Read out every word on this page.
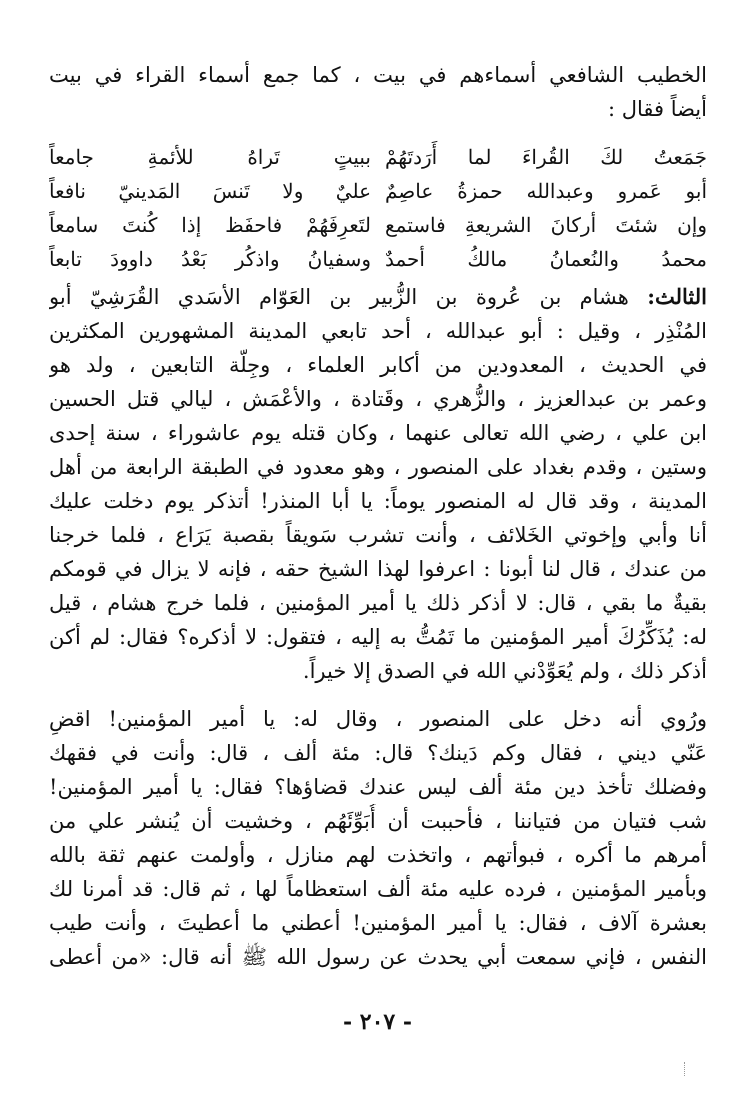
الخطيب الشافعي أسماءهم في بيت ، كما جمع أسماء القراء في بيت
أيضاً فقال :
جَمَعتُ لكَ القُراءَ لما أَرَدتَهُمْ
ببيتٍ تَراهُ للأئمةِ جامعاً
أبو عَمرو وعبدالله حمزةُ عاصِمٌ
عليٌ ولا تَنسَ المَدينيّ نافعاً
وإن شئتَ أركانَ الشريعةِ فاستمع
لتَعرِفَهُمْ فاحفَظ إذا كُنتَ سامعاً
محمدُ والنُعمانُ مالكُ أحمدٌ
وسفيانُ واذكُر بَعْدُ داوودَ تابعاً
الثالث: هشام بن عُروة بن الزُّبير بن العَوّام الأسَدي القُرَشِيّ أبو
المُنْذِر ، وقيل : أبو عبدالله ، أحد تابعي المدينة المشهورين المكثرين
في الحديث ، المعدودين من أكابر العلماء ، وجِلّة التابعين ، ولد هو
وعمر بن عبدالعزيز ، والزُّهري ، وقَتادة ، والأعْمَش ، ليالي قتل الحسين
ابن علي ، رضي الله تعالى عنهما ، وكان قتله يوم عاشوراء ، سنة إحدى
وستين ، وقدم بغداد على المنصور ، وهو معدود في الطبقة الرابعة من أهل
المدينة ، وقد قال له المنصور يوماً: يا أبا المنذر! أتذكر يوم دخلت عليك
أنا وأبي وإخوتي الخَلائف ، وأنت تشرب سَويقاً بقصبة يَرَاع ، فلما خرجنا
من عندك ، قال لنا أبونا : اعرفوا لهذا الشيخ حقه ، فإنه لا يزال في قومكم
بقيةٌ ما بقي ، قال: لا أذكر ذلك يا أمير المؤمنين ، فلما خرج هشام ، قيل
له: يُذَكِّرُكَ أمير المؤمنين ما تَمُتُّ به إليه ، فتقول: لا أذكره؟ فقال: لم أكن
أذكر ذلك ، ولم يُعَوِّدْني الله في الصدق إلا خيراً.
ورُوي أنه دخل على المنصور ، وقال له: يا أمير المؤمنين! اقضِ
عَنّي ديني ، فقال وكم دَينك؟ قال: مئة ألف ، قال: وأنت في فقهك
وفضلك تأخذ دين مئة ألف ليس عندك قضاؤها؟ فقال: يا أمير المؤمنين!
شب فتيان من فتياننا ، فأحببت أن أُبَوِّئَهُم ، وخشيت أن يُنشر علي من
أمرهم ما أكره ، فبوأتهم ، واتخذت لهم منازل ، وأولمت عنهم ثقة بالله
وبأمير المؤمنين ، فرده عليه مئة ألف استعظاماً لها ، ثم قال: قد أمرنا لك
بعشرة آلاف ، فقال: يا أمير المؤمنين! أعطني ما أعطيتَ ، وأنت طيب
النفس ، فإني سمعت أبي يحدث عن رسول الله ﷺ أنه قال: «من أعطى
- ٢٠٧ -
